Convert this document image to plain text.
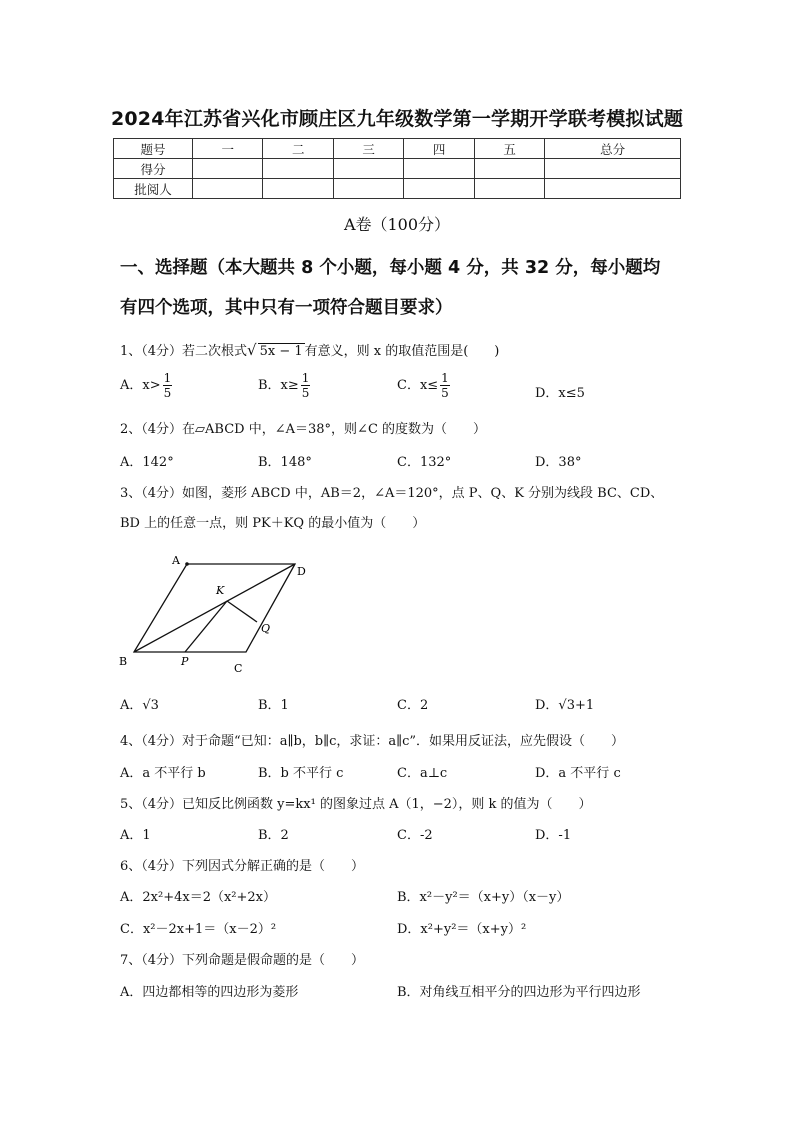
2024年江苏省兴化市顾庄区九年级数学第一学期开学联考模拟试题
题号	一	二	三	四	五	总分
得分						
批阅人						
A卷（100分）
一、选择题（本大题共 8 个小题，每小题 4 分，共 32 分，每小题均
有四个选项，其中只有一项符合题目要求）
1、（4分）若二次根式√ 5x − 1 有意义，则 x 的取值范围是(　　)
A．$x> \frac{1}{5}$	B．$x\ge \frac{1}{5}$	C．$x\le \frac{1}{5}$	D．x≤5
2、（4分）在▱ABCD 中，∠A＝38°，则∠C 的度数为（　　）
A．142°	B．148°	C．132°	D．38°
3、（4分）如图，菱形 ABCD 中，AB＝2，∠A＝120°，点 P、Q、K 分别为线段 BC、CD、
BD 上的任意一点，则 PK＋KQ 的最小值为（　　）
A
D
B
C
K
P
Q
A．√3	B．1	C．2	D．√3+1
4、（4分）对于命题“已知：a∥b，b∥c，求证：a∥c”．如果用反证法，应先假设（　　）
A．a 不平行 b	B．b 不平行 c	C．a⊥c	D．a 不平行 c
5、（4分）已知反比例函数 y=kx¹ 的图象过点 A（1，−2），则 k 的值为（　　）
A．1	B．2	C．-2	D．-1
6、（4分）下列因式分解正确的是（　　）
A．2x²+4x＝2（x²+2x）	B．x²－y²＝（x+y）（x－y）
C．x²－2x+1＝（x－2）²	D．x²+y²＝（x+y）²
7、（4分）下列命题是假命题的是（　　）
A．四边都相等的四边形为菱形	B．对角线互相平分的四边形为平行四边形
